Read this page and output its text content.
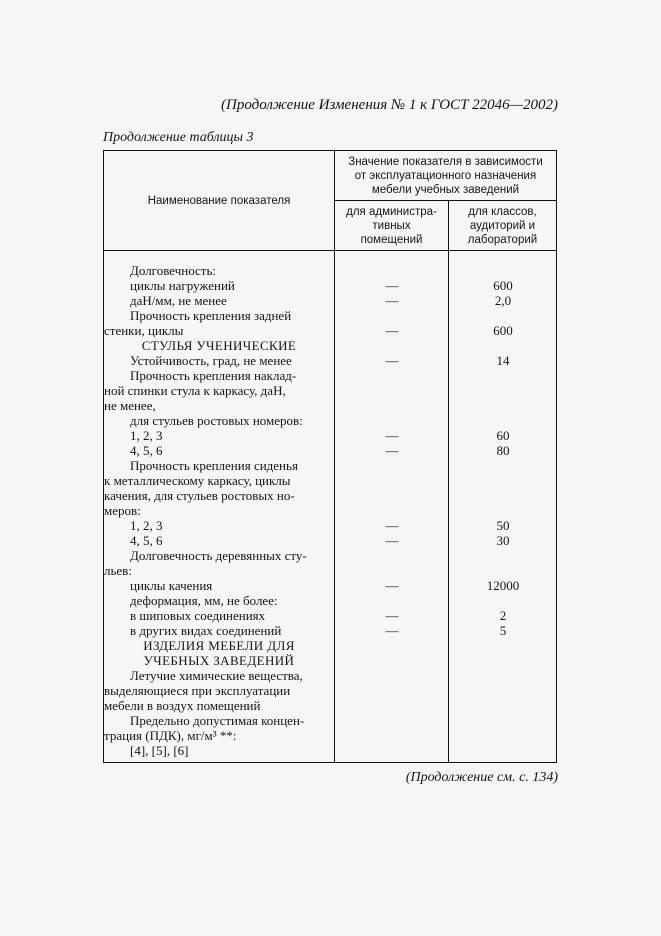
(Продолжение Изменения № 1 к ГОСТ 22046—2002)
Продолжение таблицы 3
Наименование показателя
Значение показателя в зависимости
от эксплуатационного назначения
мебели учебных заведений
для администра-
тивных
помещений
для классов,
аудиторий и
лабораторий
Долговечность:
циклы нагружений	—	600
даН/мм, не менее	—	2,0
Прочность крепления задней
стенки, циклы	—	600
СТУЛЬЯ УЧЕНИЧЕСКИЕ
Устойчивость, град, не менее	—	14
Прочность крепления наклад-
ной спинки стула к каркасу, даН,
не менее,
для стульев ростовых номеров:
1, 2, 3	—	60
4, 5, 6	—	80
Прочность крепления сиденья
к металлическому каркасу, циклы
качения, для стульев ростовых но-
меров:
1, 2, 3	—	50
4, 5, 6	—	30
Долговечность деревянных сту-
льев:
циклы качения	—	12000
деформация, мм, не более:
в шиповых соединениях	—	2
в других видах соединений	—	5
ИЗДЕЛИЯ МЕБЕЛИ ДЛЯ
УЧЕБНЫХ ЗАВЕДЕНИЙ
Летучие химические вещества,
выделяющиеся при эксплуатации
мебели в воздух помещений
Предельно допустимая концен-
трация (ПДК), мг/м³ **:
[4], [5], [6]
(Продолжение см. с. 134)
